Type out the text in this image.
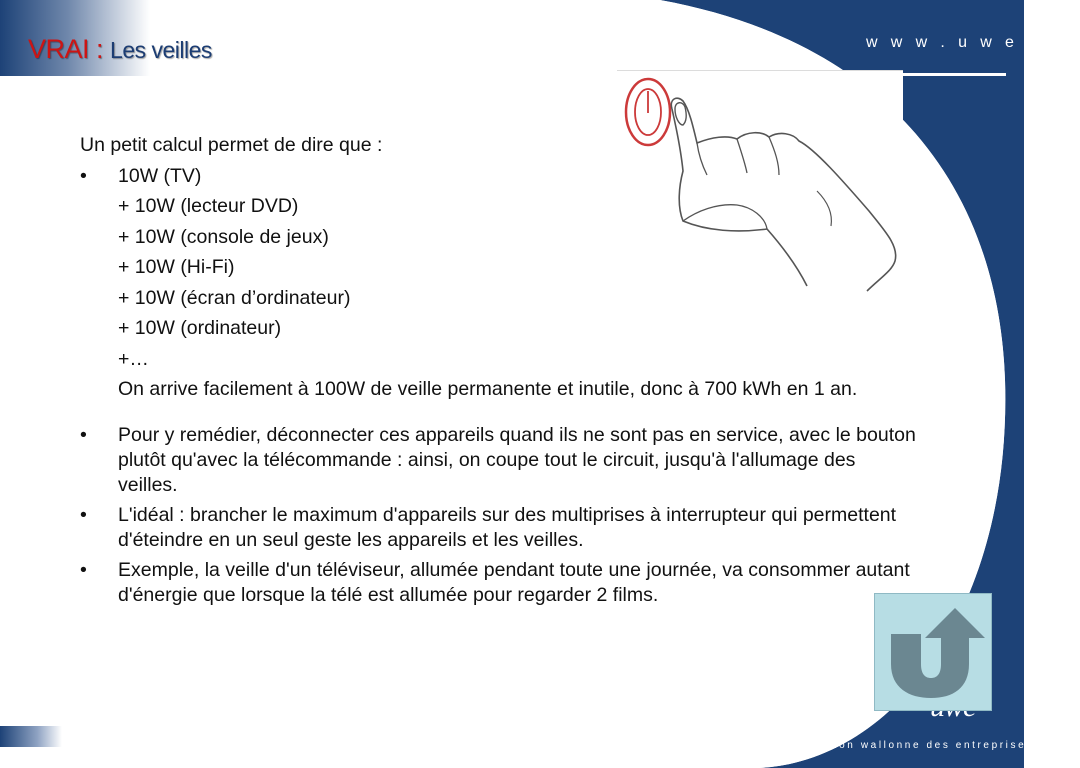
VRAI : Les veilles	w w w . u w e . b e
union wallonne des entreprises

Un petit calcul permet de dire que :

• 10W (TV)

+ 10W (lecteur DVD)

+ 10W (console de jeux)

+ 10W (Hi-Fi)

+ 10W (écran d’ordinateur)

+ 10W (ordinateur)

+…

On arrive facilement à 100W de veille permanente et inutile, donc à 700 kWh en 1 an.

• Pour y remédier, déconnecter ces appareils quand ils ne sont pas en service, avec le bouton plutôt qu'avec la télécommande : ainsi, on coupe tout le circuit, jusqu'à l'allumage des veilles.

• L'idéal : brancher le maximum d'appareils sur des multiprises à interrupteur qui permettent d'éteindre en un seul geste les appareils et les veilles.

• Exemple, la veille d'un téléviseur, allumée pendant toute une journée, va consommer autant d'énergie que lorsque la télé est allumée pour regarder 2 films.
